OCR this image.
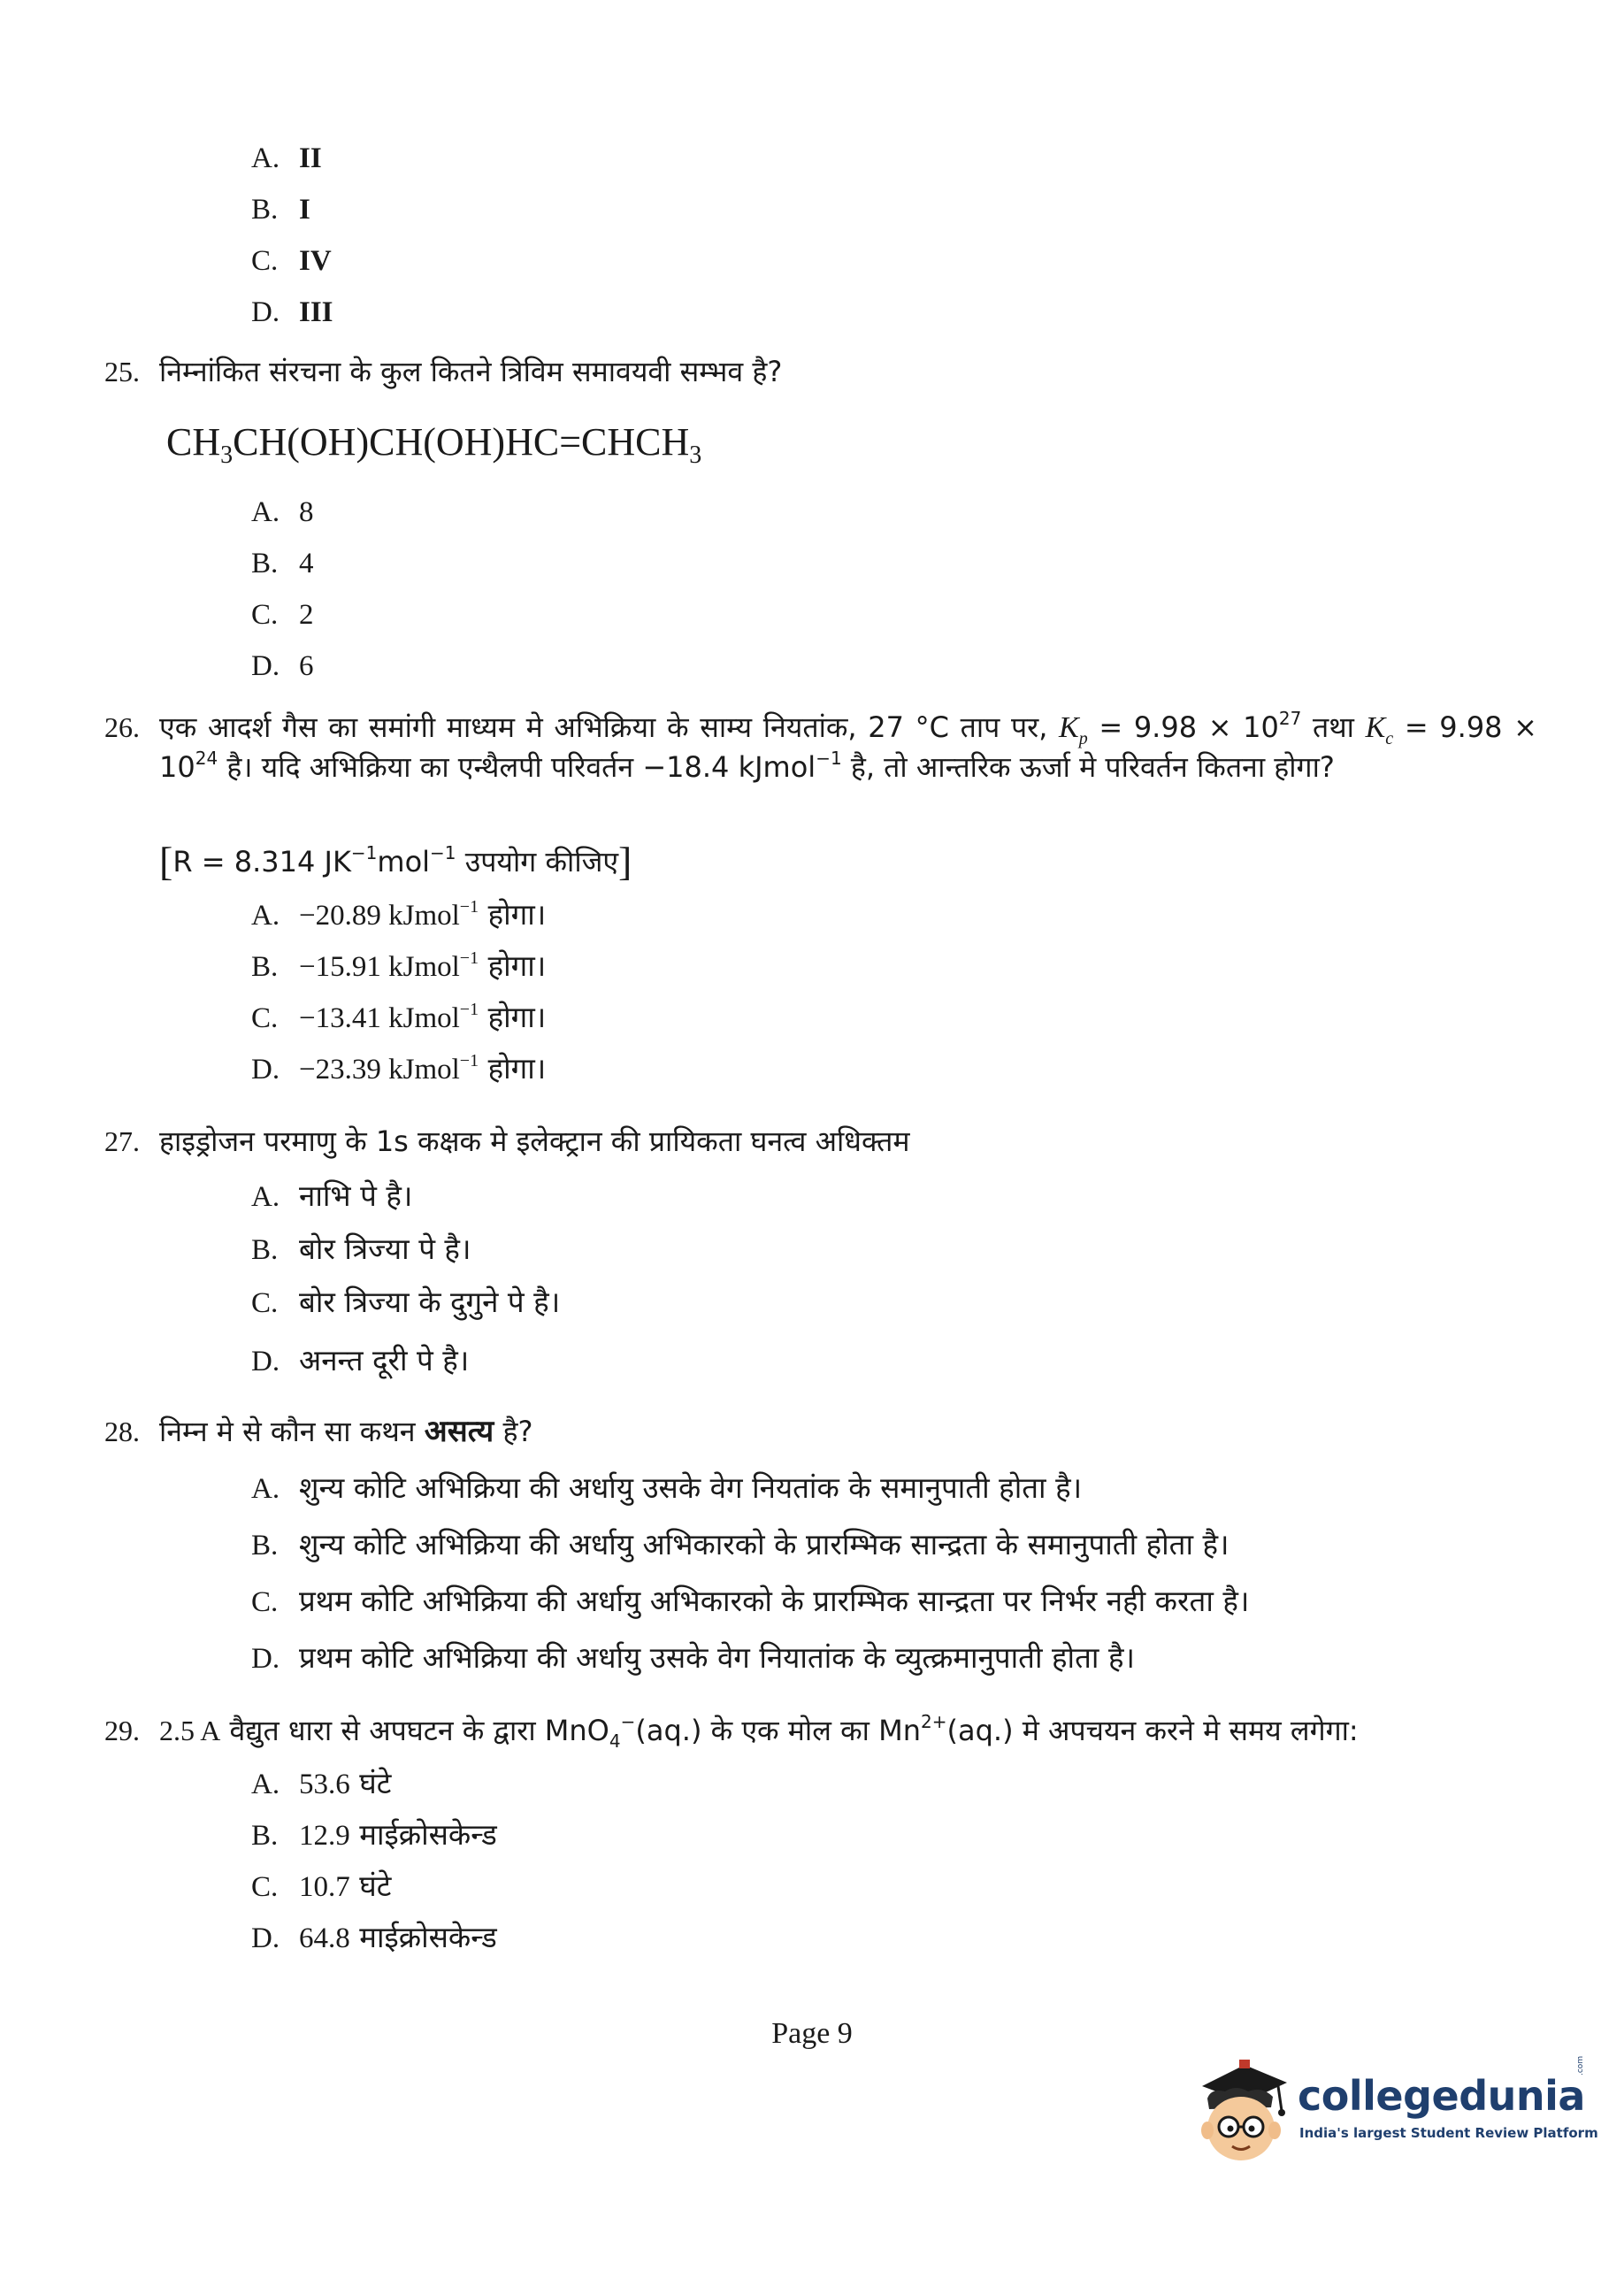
A. II
B. I
C. IV
D. III
25. निम्नांकित संरचना के कुल कितने त्रिविम समावयवी सम्भव है?
$CH_3CH(OH)CH(OH)HC=CHCH_3$
A. 8
B. 4
C. 2
D. 6
26. एक आदर्श गैस का समांगी माध्यम मे अभिक्रिया के साम्य नियतांक, 27 °C ताप पर, $K_p = 9.98 \times 10^{27}$ तथा $K_c = 9.98 \times 10^{24}$ है। यदि अभिक्रिया का एन्थैलपी परिवर्तन −18.4 kJmol$^{-1}$ है, तो आन्तरिक ऊर्जा मे परिवर्तन कितना होगा?
[R = 8.314 $JK^{-1}mol^{-1}$ उपयोग कीजिए]
A. −20.89 kJmol$^{-1}$ होगा।
B. −15.91 kJmol$^{-1}$ होगा।
C. −13.41 kJmol$^{-1}$ होगा।
D. −23.39 kJmol$^{-1}$ होगा।
27. हाइड्रोजन परमाणु के 1s कक्षक मे इलेक्ट्रान की प्रायिकता घनत्व अधिक्तम
A. नाभि पे है।
B. बोर त्रिज्या पे है।
C. बोर त्रिज्या के दुगुने पे है।
D. अनन्त दूरी पे है।
28. निम्न मे से कौन सा कथन असत्य है?
A. शुन्य कोटि अभिक्रिया की अर्धायु उसके वेग नियतांक के समानुपाती होता है।
B. शुन्य कोटि अभिक्रिया की अर्धायु अभिकारको के प्रारम्भिक सान्द्रता के समानुपाती होता है।
C. प्रथम कोटि अभिक्रिया की अर्धायु अभिकारको के प्रारम्भिक सान्द्रता पर निर्भर नही करता है।
D. प्रथम कोटि अभिक्रिया की अर्धायु उसके वेग नियातांक के व्युत्क्रमानुपाती होता है।
29. 2.5 A वैद्युत धारा से अपघटन के द्वारा MnO$_4$−(aq.) के एक मोल का $Mn^{2+}(aq.)$ मे अपचयन करने मे समय लगेगा:
A. 53.6 घंटे
B. 12.9 माईक्रोसकेन्ड
C. 10.7 घंटे
D. 64.8 माईक्रोसकेन्ड
Page 9
collegedunia
.com
India's largest Student Review Platform
